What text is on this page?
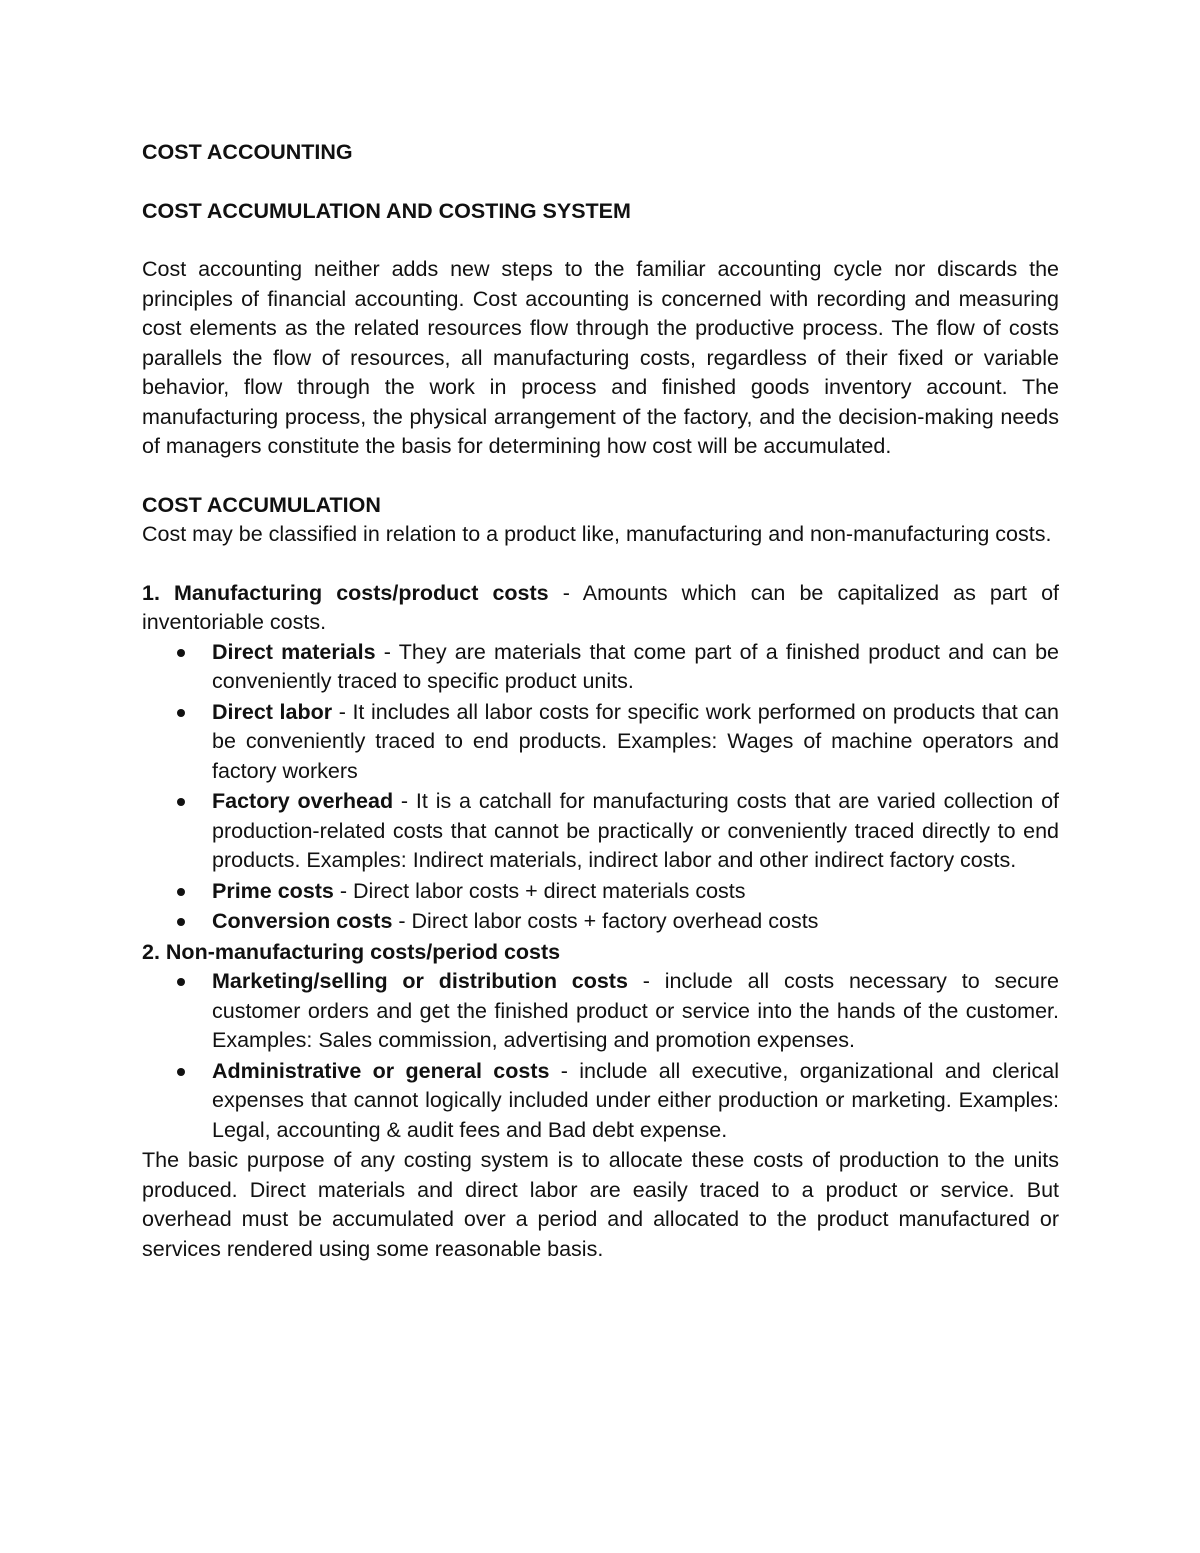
COST ACCOUNTING

COST ACCUMULATION AND COSTING SYSTEM

Cost accounting neither adds new steps to the familiar accounting cycle nor discards the principles of financial accounting. Cost accounting is concerned with recording and measuring cost elements as the related resources flow through the productive process. The flow of costs parallels the flow of resources, all manufacturing costs, regardless of their fixed or variable behavior, flow through the work in process and finished goods inventory account. The manufacturing process, the physical arrangement of the factory, and the decision-making needs of managers constitute the basis for determining how cost will be accumulated.

COST ACCUMULATION

Cost may be classified in relation to a product like, manufacturing and non-manufacturing costs.

1. Manufacturing costs/product costs - Amounts which can be capitalized as part of inventoriable costs.

Direct materials - They are materials that come part of a finished product and can be conveniently traced to specific product units.
Direct labor - It includes all labor costs for specific work performed on products that can be conveniently traced to end products. Examples: Wages of machine operators and factory workers
Factory overhead - It is a catchall for manufacturing costs that are varied collection of production-related costs that cannot be practically or conveniently traced directly to end products. Examples: Indirect materials, indirect labor and other indirect factory costs.
Prime costs - Direct labor costs + direct materials costs
Conversion costs - Direct labor costs + factory overhead costs

2. Non-manufacturing costs/period costs

Marketing/selling or distribution costs - include all costs necessary to secure customer orders and get the finished product or service into the hands of the customer. Examples: Sales commission, advertising and promotion expenses.
Administrative or general costs - include all executive, organizational and clerical expenses that cannot logically included under either production or marketing. Examples: Legal, accounting & audit fees and Bad debt expense.

The basic purpose of any costing system is to allocate these costs of production to the units produced. Direct materials and direct labor are easily traced to a product or service. But overhead must be accumulated over a period and allocated to the product manufactured or services rendered using some reasonable basis.
